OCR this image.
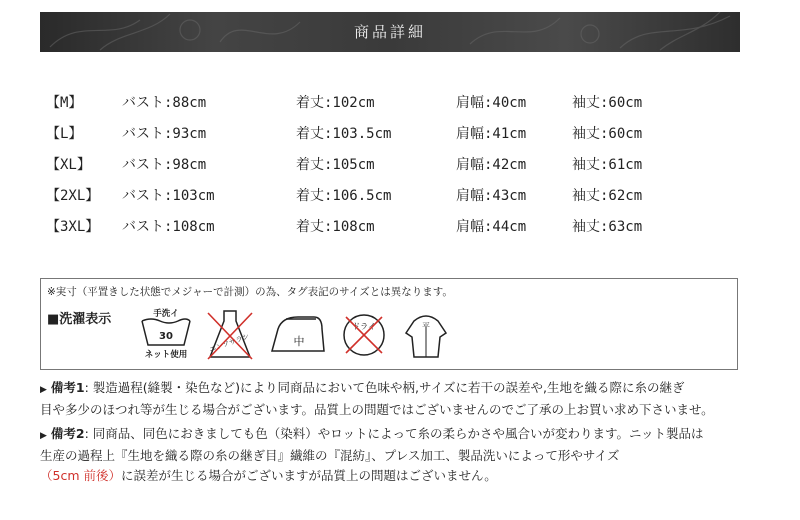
商品詳細
【M】	バスト:88cm	着丈:102cm	肩幅:40cm	袖丈:60cm
【L】	バスト:93cm	着丈:103.5cm	肩幅:41cm	袖丈:60cm
【XL】 バスト:98cm	着丈:105cm	肩幅:42cm	袖丈:61cm
【2XL】 バスト:103cm	着丈:106.5cm	肩幅:43cm	袖丈:62cm
【3XL】 バスト:108cm	着丈:108cm	肩幅:44cm	袖丈:63cm
※実寸（平置きした状態でメジャーで計測）の為、タグ表記のサイズとは異なります。
■洗濯表示	手洗イ
30
ネット使用
エンソサラシ	中
ドライ	平

▶ 備考1: 製造過程(縫製・染色など)により同商品において色味や柄,サイズに若干の誤差や,生地を織る際に糸の継ぎ

目や多少のほつれ等が生じる場合がございます。品質上の問題ではございませんのでご了承の上お買い求め下さいませ。

▶ 備考2: 同商品、同色におきましても色（染料）やロットによって糸の柔らかさや風合いが変わります。ニット製品は

生産の過程上『生地を織る際の糸の継ぎ目』繊維の『混紡』、プレス加工、製品洗いによって形やサイズ

（5cm 前後）に誤差が生じる場合がございますが品質上の問題はございません。
